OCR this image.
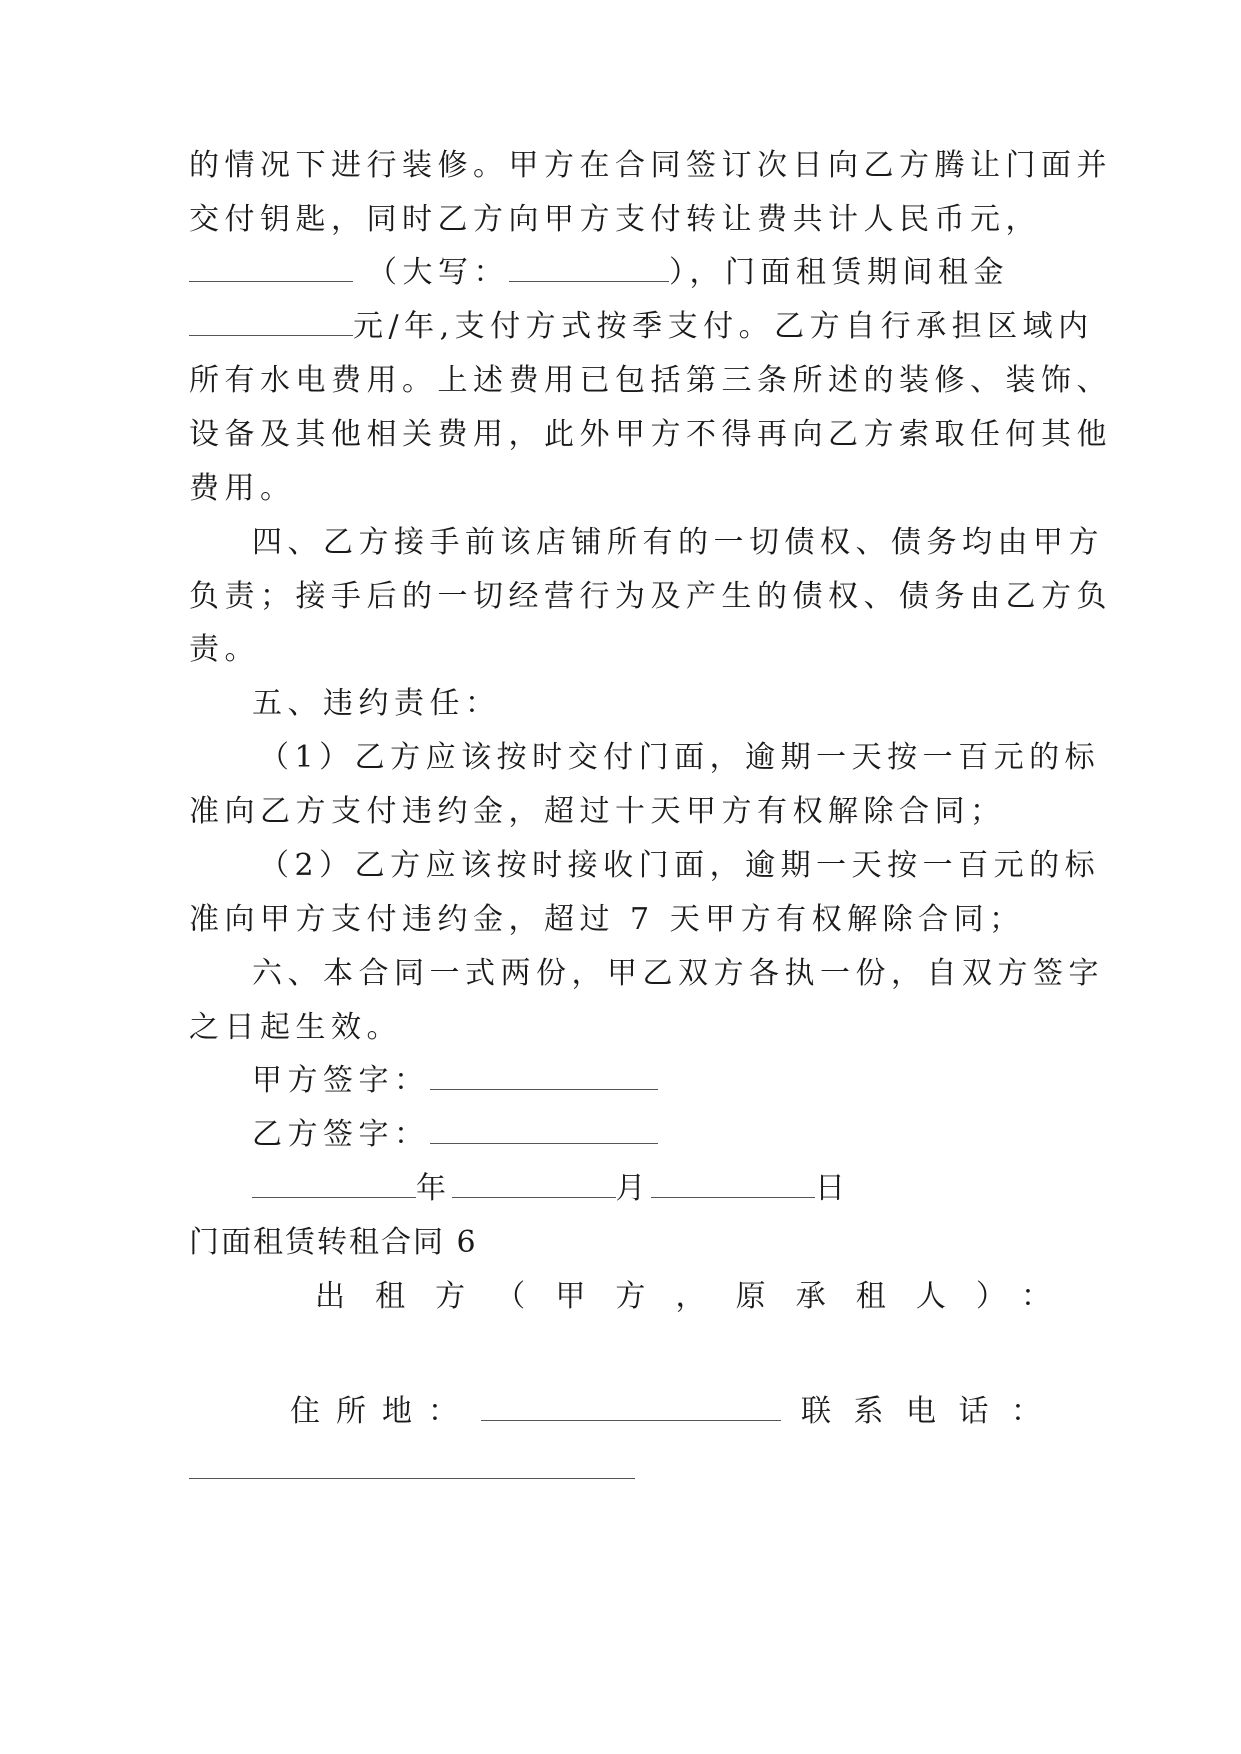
的情况下进行装修。甲方在合同签订次日向乙方腾让门面并
交付钥匙，同时乙方向甲方支付转让费共计人民币元，
（大写：	），门面租赁期间租金
元/年,支付方式按季支付。乙方自行承担区域内
所有水电费用。上述费用已包括第三条所述的装修、装饰、
设备及其他相关费用，此外甲方不得再向乙方索取任何其他
费用。
四、乙方接手前该店铺所有的一切债权、债务均由甲方
负责；接手后的一切经营行为及产生的债权、债务由乙方负
责。
五、违约责任：
（1）乙方应该按时交付门面，逾期一天按一百元的标
准向乙方支付违约金，超过十天甲方有权解除合同；
（2）乙方应该按时接收门面，逾期一天按一百元的标
准向甲方支付违约金，超过 7 天甲方有权解除合同；
六、本合同一式两份，甲乙双方各执一份，自双方签字
之日起生效。
甲方签字：
乙方签字：
年	月	日
门面租赁转租合同 6
出租方（甲方，原承租人）：
住所地：	联系电话：
